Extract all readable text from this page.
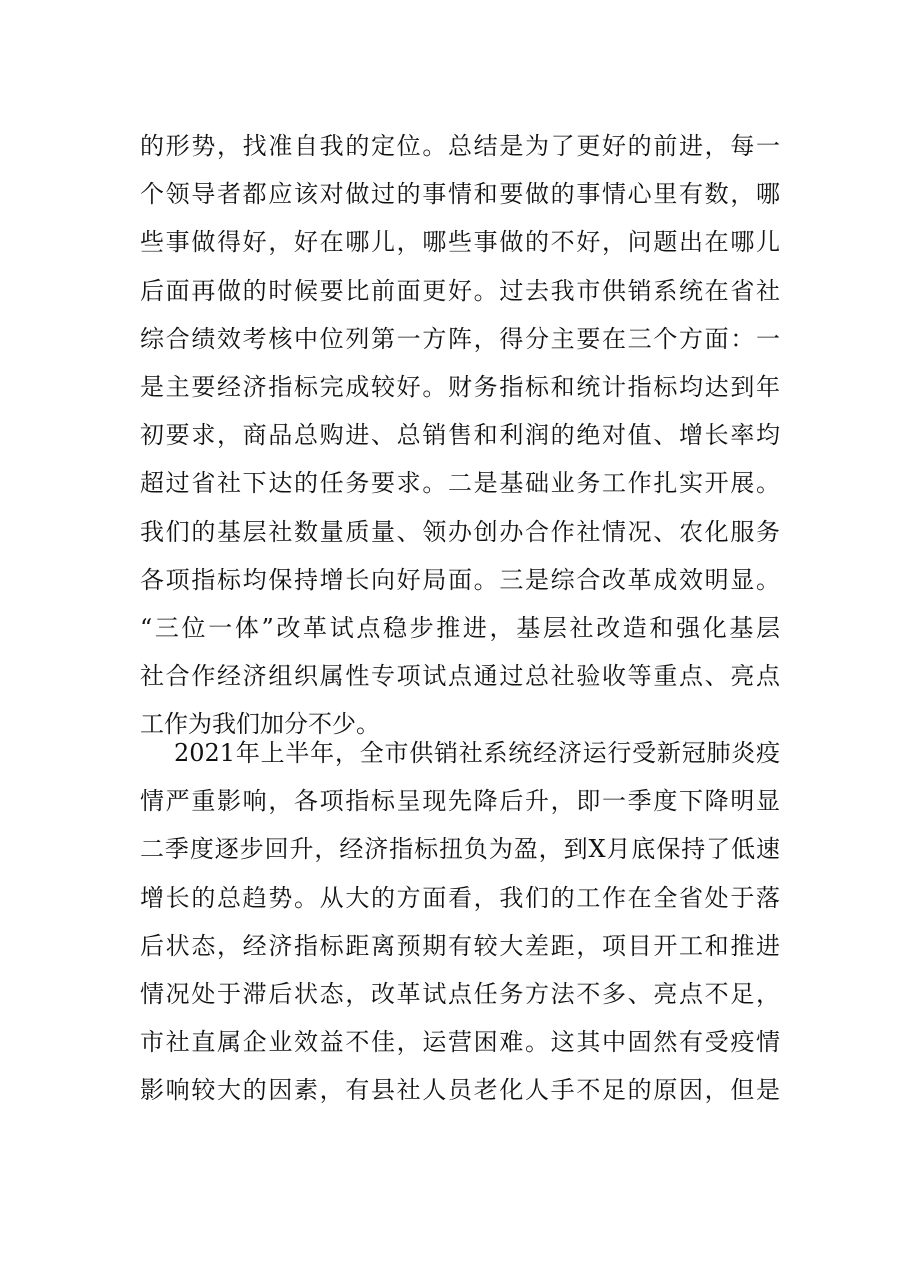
的形势，找准自我的定位。总结是为了更好的前进，每一
个领导者都应该对做过的事情和要做的事情心里有数，哪
些事做得好，好在哪儿，哪些事做的不好，问题出在哪儿
后面再做的时候要比前面更好。过去我市供销系统在省社
综合绩效考核中位列第一方阵，得分主要在三个方面：一
是主要经济指标完成较好。财务指标和统计指标均达到年
初要求，商品总购进、总销售和利润的绝对值、增长率均
超过省社下达的任务要求。二是基础业务工作扎实开展。
我们的基层社数量质量、领办创办合作社情况、农化服务
各项指标均保持增长向好局面。三是综合改革成效明显。
“三位一体”改革试点稳步推进，基层社改造和强化基层
社合作经济组织属性专项试点通过总社验收等重点、亮点
工作为我们加分不少。
2021年上半年，全市供销社系统经济运行受新冠肺炎疫
情严重影响，各项指标呈现先降后升，即一季度下降明显
二季度逐步回升，经济指标扭负为盈，到X月底保持了低速
增长的总趋势。从大的方面看，我们的工作在全省处于落
后状态，经济指标距离预期有较大差距，项目开工和推进
情况处于滞后状态，改革试点任务方法不多、亮点不足，
市社直属企业效益不佳，运营困难。这其中固然有受疫情
影响较大的因素，有县社人员老化人手不足的原因，但是
